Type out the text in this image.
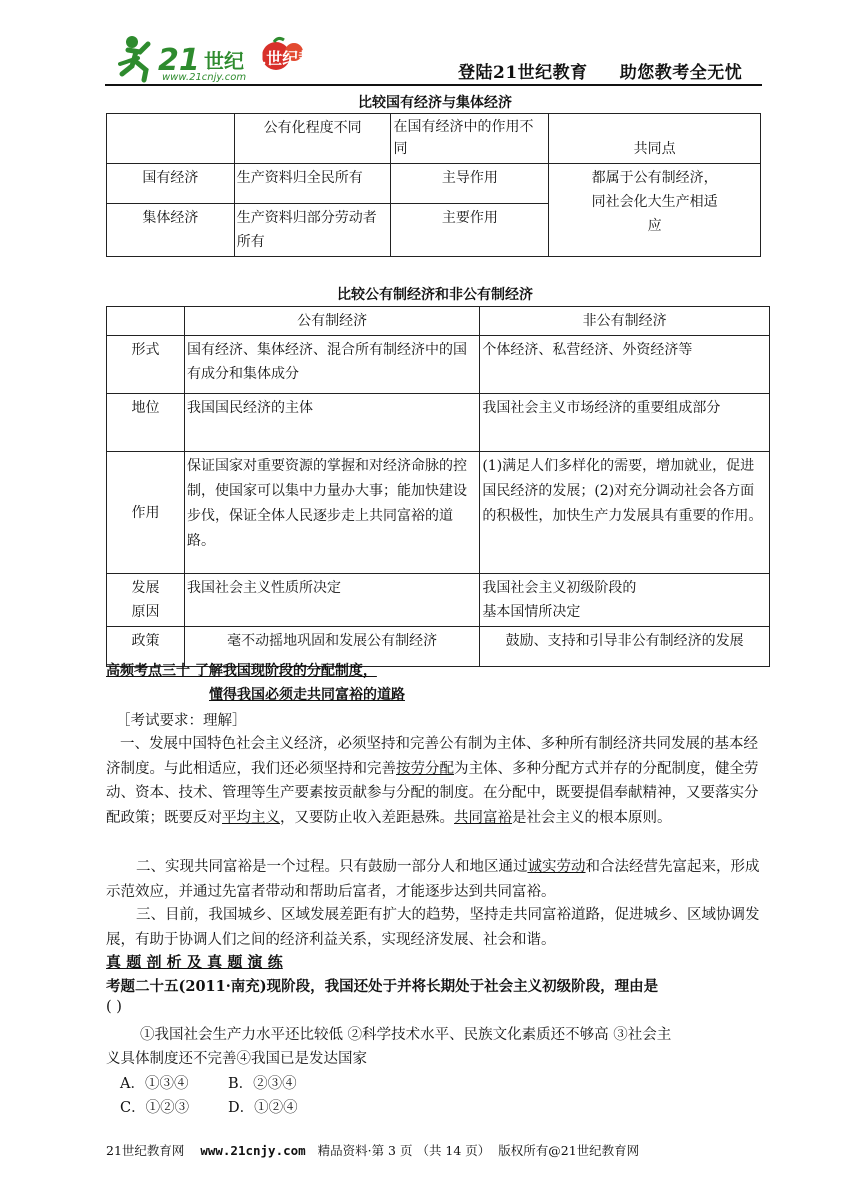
21 世纪 21世纪教育
www.21cnjy.com	登陆21世纪教育 助您教考全无忧
比较国有经济与集体经济
	公有化程度不同	在国有经济中的作用不同	共同点
国有经济	生产资料归全民所有	主导作用	都属于公有制经济，同社会化大生产相适应
集体经济	生产资料归部分劳动者所有	主要作用	
比较公有制经济和非公有制经济
	公有制经济	非公有制经济
形式	国有经济、集体经济、混合所有制经济中的国有成分和集体成分	个体经济、私营经济、外资经济等
地位	我国国民经济的主体	我国社会主义市场经济的重要组成部分
作用	保证国家对重要资源的掌握和对经济命脉的控制，使国家可以集中力量办大事；能加快建设步伐，保证全体人民逐步走上共同富裕的道路。	(1)满足人们多样化的需要，增加就业，促进国民经济的发展；(2)对充分调动社会各方面的积极性，加快生产力发展具有重要的作用。
发展原因	我国社会主义性质所决定	我国社会主义初级阶段的基本国情所决定
政策	毫不动摇地巩固和发展公有制经济	鼓励、支持和引导非公有制经济的发展
高频考点三十 了解我国现阶段的分配制度，
懂得我国必须走共同富裕的道路
［考试要求：理解］
一、发展中国特色社会主义经济，必须坚持和完善公有制为主体、多种所有制经济共同发展的基本经济制度。与此相适应，我们还必须坚持和完善按劳分配为主体、多种分配方式并存的分配制度，健全劳动、资本、技术、管理等生产要素按贡献参与分配的制度。在分配中，既要提倡奉献精神，又要落实分配政策；既要反对平均主义，又要防止收入差距悬殊。共同富裕是社会主义的根本原则。
二、实现共同富裕是一个过程。只有鼓励一部分人和地区通过诚实劳动和合法经营先富起来，形成示范效应，并通过先富者带动和帮助后富者，才能逐步达到共同富裕。
三、目前，我国城乡、区域发展差距有扩大的趋势，坚持走共同富裕道路，促进城乡、区域协调发展，有助于协调人们之间的经济利益关系，实现经济发展、社会和谐。
真 题 剖 析 及 真 题 演 练
考题二十五(2011·南充)现阶段，我国还处于并将长期处于社会主义初级阶段，理由是
( )
①我国社会生产力水平还比较低 ②科学技术水平、民族文化素质还不够高 ③社会主
义具体制度还不完善④我国已是发达国家
A．①③④	B．②③④
C．①②③	D．①②④
21世纪教育网 www.21cnjy.com 精品资料·第 3 页 （共 14 页） 版权所有@21世纪教育网
